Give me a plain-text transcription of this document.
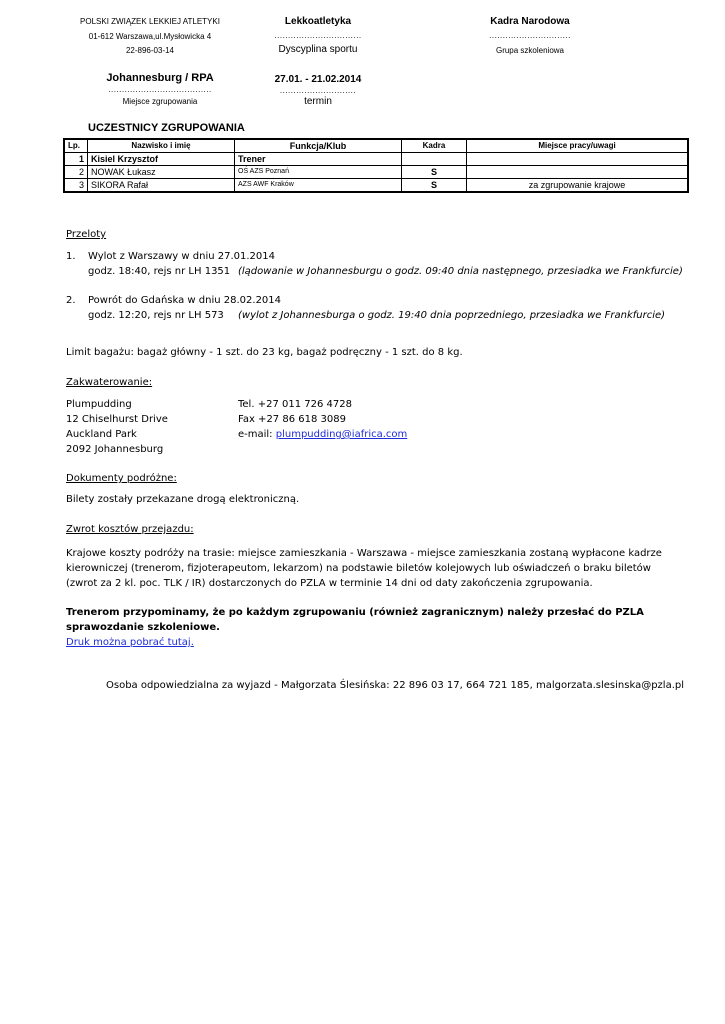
POLSKI ZWIĄZEK LEKKIEJ ATLETYKI
01-612 Warszawa,ul.Mysłowicka 4
22-896-03-14
Lekkoatletyka
................................
Dyscyplina sportu
Kadra Narodowa
..............................
Grupa szkoleniowa
Johannesburg / RPA
......................................
Miejsce zgrupowania
27.01. - 21.02.2014
............................
termin
UCZESTNICY ZGRUPOWANIA
Lp.	Nazwisko i imię	Funkcja/Klub	Kadra	Miejsce pracy/uwagi
1	Kisiel Krzysztof	Trener		
2	NOWAK Łukasz	OŚ AZS Poznań	S	
3	SIKORA Rafał	AZS AWF Kraków	S	za zgrupowanie krajowe
Przeloty
1. Wylot z Warszawy w dniu 27.01.2014
godz. 18:40, rejs nr LH 1351 (lądowanie w Johannesburgu o godz. 09:40 dnia następnego, przesiadka we Frankfurcie)
2. Powrót do Gdańska w dniu 28.02.2014
godz. 12:20, rejs nr LH 573 (wylot z Johannesburga o godz. 19:40 dnia poprzedniego, przesiadka we Frankfurcie)
Limit bagażu: bagaż główny - 1 szt. do 23 kg, bagaż podręczny - 1 szt. do 8 kg.
Zakwaterowanie:
Plumpudding
12 Chiselhurst Drive
Auckland Park
2092 Johannesburg
Tel. +27 011 726 4728
Fax +27 86 618 3089
e-mail: plumpudding@iafrica.com
Dokumenty podróżne:
Bilety zostały przekazane drogą elektroniczną.
Zwrot kosztów przejazdu:
Krajowe koszty podróży na trasie: miejsce zamieszkania - Warszawa - miejsce zamieszkania zostaną wypłacone kadrze kierowniczej (trenerom, fizjoterapeutom, lekarzom) na podstawie biletów kolejowych lub oświadczeń o braku biletów (zwrot za 2 kl. poc. TLK / IR) dostarczonych do PZLA w terminie 14 dni od daty zakończenia zgrupowania.
Trenerom przypominamy, że po każdym zgrupowaniu (również zagranicznym) należy przesłać do PZLA sprawozdanie szkoleniowe.
Druk można pobrać tutaj.
Osoba odpowiedzialna za wyjazd - Małgorzata Ślesińska: 22 896 03 17, 664 721 185, malgorzata.slesinska@pzla.pl
